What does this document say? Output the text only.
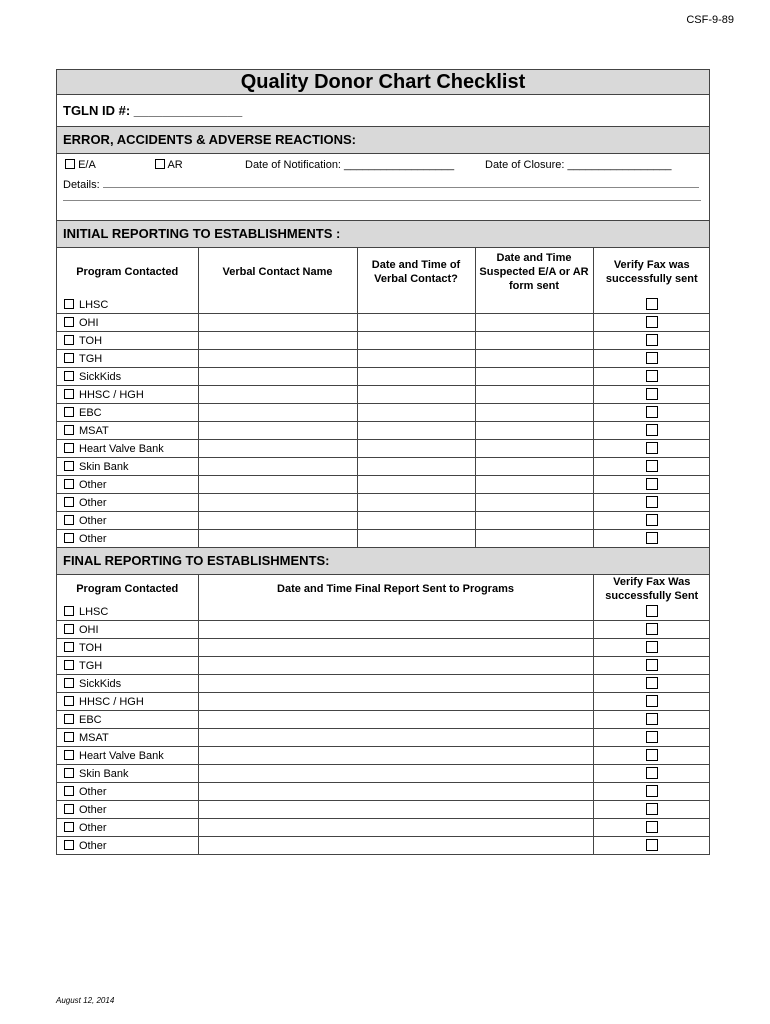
CSF-9-89
Quality Donor Chart Checklist
TGLN ID #: _______________
ERROR, ACCIDENTS & ADVERSE REACTIONS:
E/A	AR	Date of Notification: __________________	Date of Closure: _________________
Details:
INITIAL REPORTING TO ESTABLISHMENTS :
Program Contacted	Verbal Contact Name	Date and Time of Verbal Contact?	Date and Time Suspected E/A or AR form sent	Verify Fax was successfully sent
LHSC				
OHI				
TOH				
TGH				
SickKids				
HHSC / HGH				
EBC				
MSAT				
Heart Valve Bank				
Skin Bank				
Other				
Other				
Other				
Other				
FINAL REPORTING TO ESTABLISHMENTS:
Program Contacted	Date and Time Final Report Sent to Programs	Verify Fax Was successfully Sent
LHSC		
OHI		
TOH		
TGH		
SickKids		
HHSC / HGH		
EBC		
MSAT		
Heart Valve Bank		
Skin Bank		
Other		
Other		
Other		
Other		
August 12, 2014
